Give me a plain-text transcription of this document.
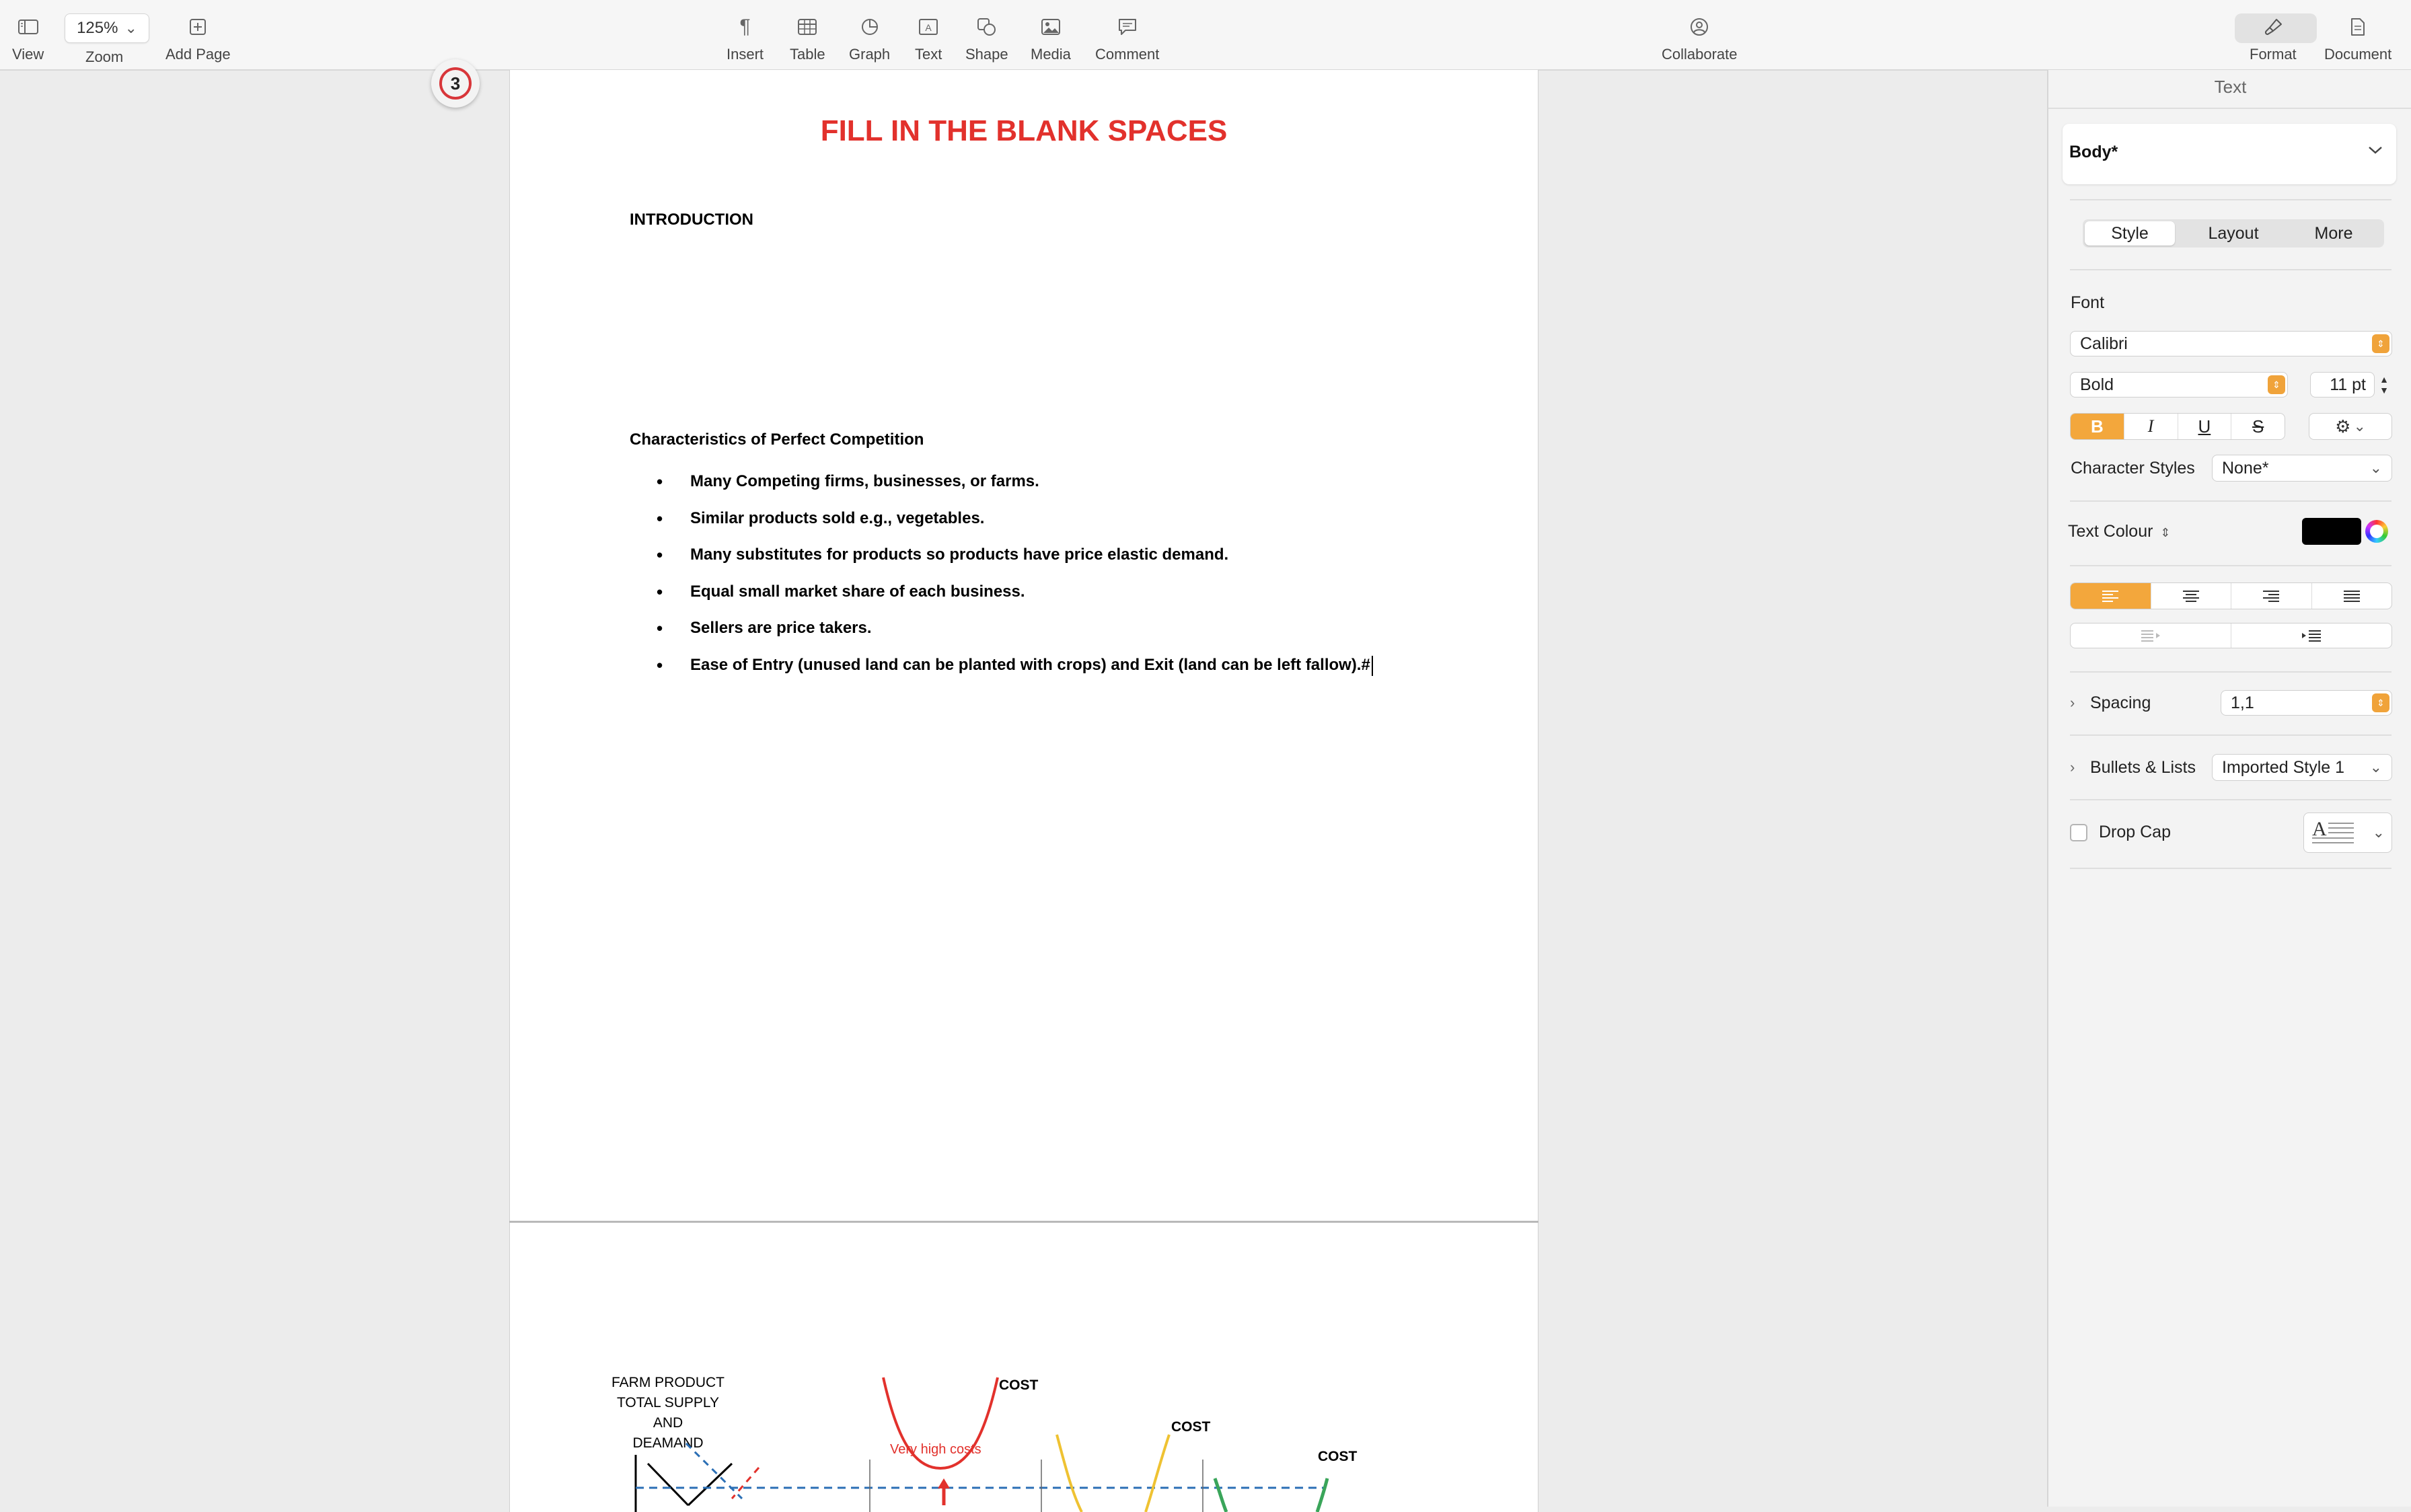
View
125% ⌄
Zoom	Add Page
¶
Insert Table Graph
A
Text Shape Media Comment	Collaborate	Format Document
FILL IN THE BLANK SPACES
INTRODUCTION
Characteristics of Perfect Competition
• Many Competing firms, businesses, or farms.
• Similar products sold e.g., vegetables.
• Many substitutes for products so products have price elastic demand.
• Equal small market share of each business.
• Sellers are price takers.
• Ease of Entry (unused land can be planted with crops) and Exit (land can be left fallow).#
FARM PRODUCT
TOTAL SUPPLY AND
DEAMAND
COST
COST
COST
Very high costs
3	Text
Body*
Style	Layout	More
Font
Calibri	⇕
Bold	⇕	11 pt ▲
▼
B	I	U	S	⚙ ⌄
Character Styles None*	⌄
Text Colour ⇕
› Spacing	1,1	⇕
› Bullets & Lists Imported Style 1 ⌄
Drop Cap	A	⌄
